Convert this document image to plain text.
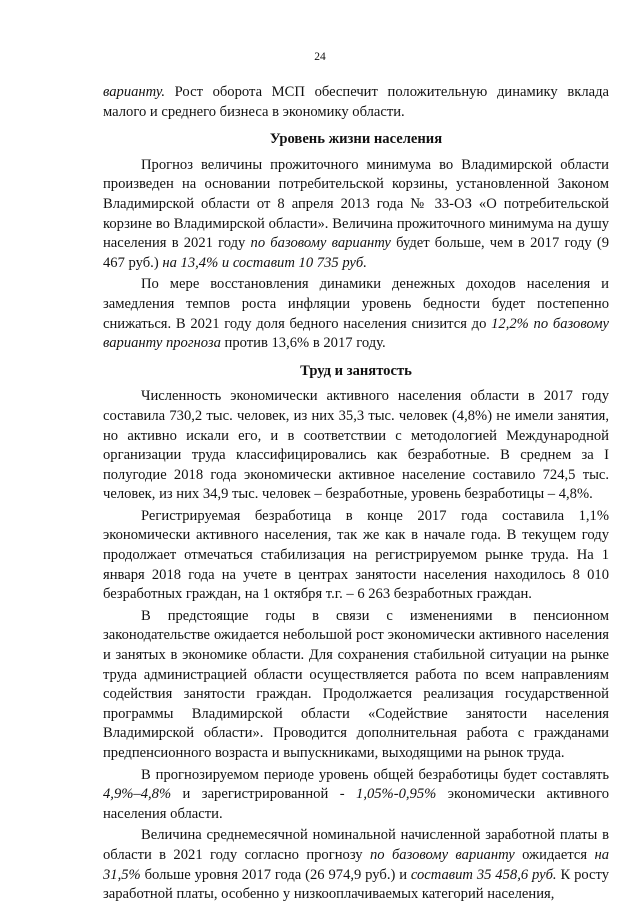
24

варианту. Рост оборота МСП обеспечит положительную динамику вклада малого и среднего бизнеса в экономику области.

Уровень жизни населения

Прогноз величины прожиточного минимума во Владимирской области произведен на основании потребительской корзины, установленной Законом Владимирской области от 8 апреля 2013 года № 33-ОЗ «О потребительской корзине во Владимирской области». Величина прожиточного минимума на душу населения в 2021 году по базовому варианту будет больше, чем в 2017 году (9 467 руб.) на 13,4% и составит 10 735 руб.

По мере восстановления динамики денежных доходов населения и замедления темпов роста инфляции уровень бедности будет постепенно снижаться. В 2021 году доля бедного населения снизится до 12,2% по базовому варианту прогноза против 13,6% в 2017 году.

Труд и занятость

Численность экономически активного населения области в 2017 году составила 730,2 тыс. человек, из них 35,3 тыс. человек (4,8%) не имели занятия, но активно искали его, и в соответствии с методологией Международной организации труда классифицировались как безработные. В среднем за I полугодие 2018 года экономически активное население составило 724,5 тыс. человек, из них 34,9 тыс. человек – безработные, уровень безработицы – 4,8%.

Регистрируемая безработица в конце 2017 года составила 1,1% экономически активного населения, так же как в начале года. В текущем году продолжает отмечаться стабилизация на регистрируемом рынке труда. На 1 января 2018 года на учете в центрах занятости населения находилось 8 010 безработных граждан, на 1 октября т.г. – 6 263 безработных граждан.

В предстоящие годы в связи с изменениями в пенсионном законодательстве ожидается небольшой рост экономически активного населения и занятых в экономике области. Для сохранения стабильной ситуации на рынке труда администрацией области осуществляется работа по всем направлениям содействия занятости граждан. Продолжается реализация государственной программы Владимирской области «Содействие занятости населения Владимирской области». Проводится дополнительная работа с гражданами предпенсионного возраста и выпускниками, выходящими на рынок труда.

В прогнозируемом периоде уровень общей безработицы будет составлять 4,9%–4,8% и зарегистрированной - 1,05%-0,95% экономически активного населения области.

Величина среднемесячной номинальной начисленной заработной платы в области в 2021 году согласно прогнозу по базовому варианту ожидается на 31,5% больше уровня 2017 года (26 974,9 руб.) и составит 35 458,6 руб. К росту заработной платы, особенно у низкооплачиваемых категорий населения,
